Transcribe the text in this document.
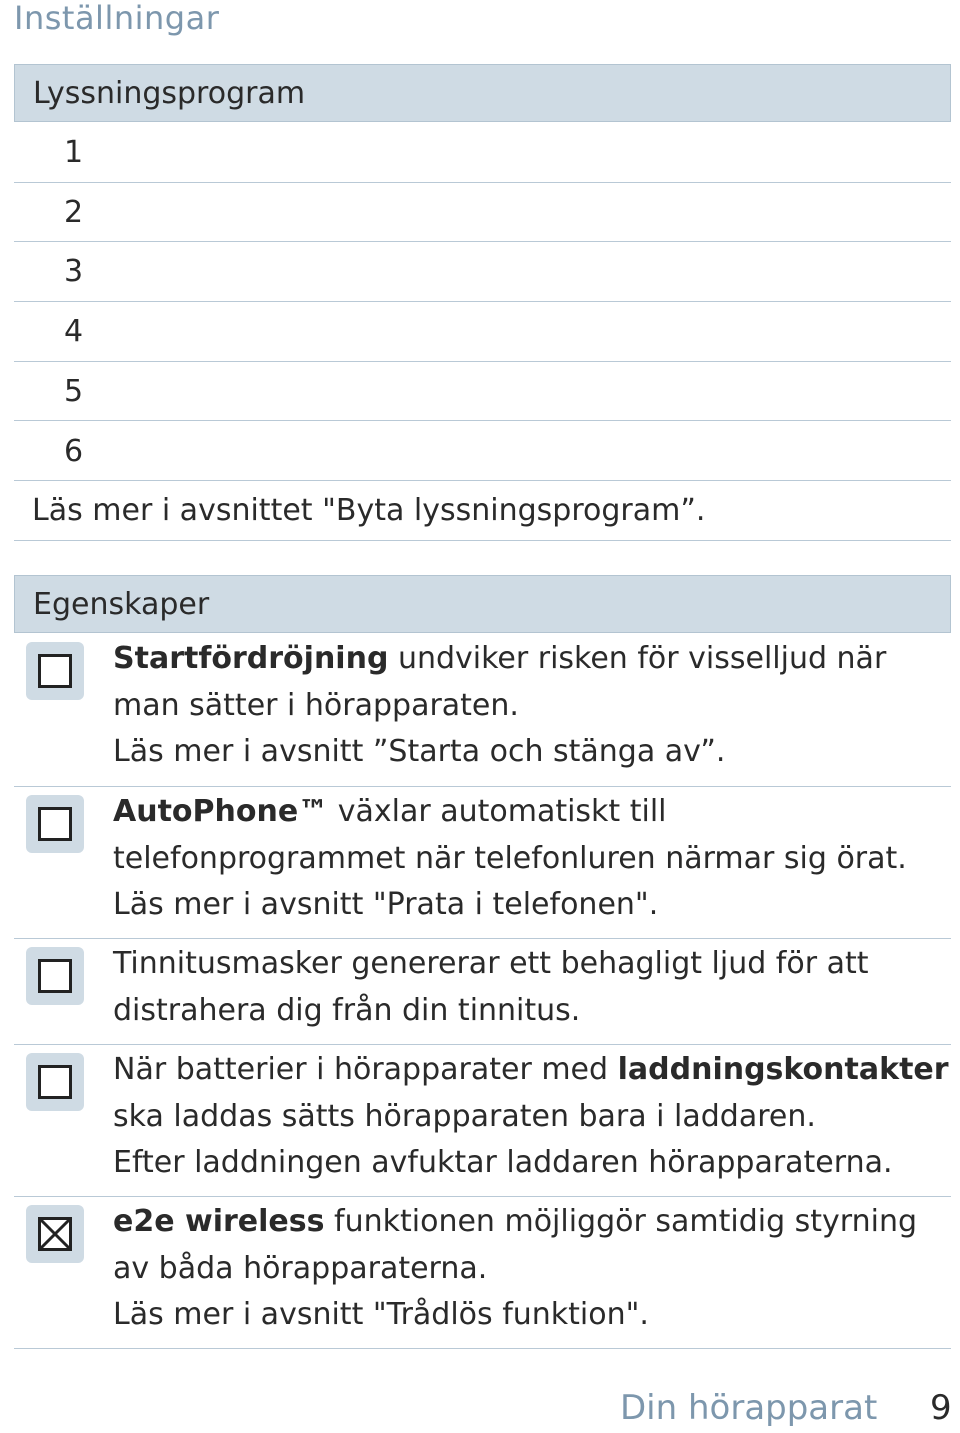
Inställningar
Lyssningsprogram
1
2
3
4
5
6
Läs mer i avsnittet "Byta lyssningsprogram”.
Egenskaper
Startfördröjning undviker risken för visselljud när man sätter i hörapparaten.
Läs mer i avsnitt ”Starta och stänga av”.
AutoPhone™ växlar automatiskt till telefonprogrammet när telefonluren närmar sig örat.
Läs mer i avsnitt "Prata i telefonen".
Tinnitusmasker genererar ett behagligt ljud för att distrahera dig från din tinnitus.
När batterier i hörapparater med laddningskontakter ska laddas sätts hörapparaten bara i laddaren.
Efter laddningen avfuktar laddaren hörapparaterna.
e2e wireless funktionen möjliggör samtidig styrning av båda hörapparaterna.
Läs mer i avsnitt "Trådlös funktion".
Din hörapparat 9
